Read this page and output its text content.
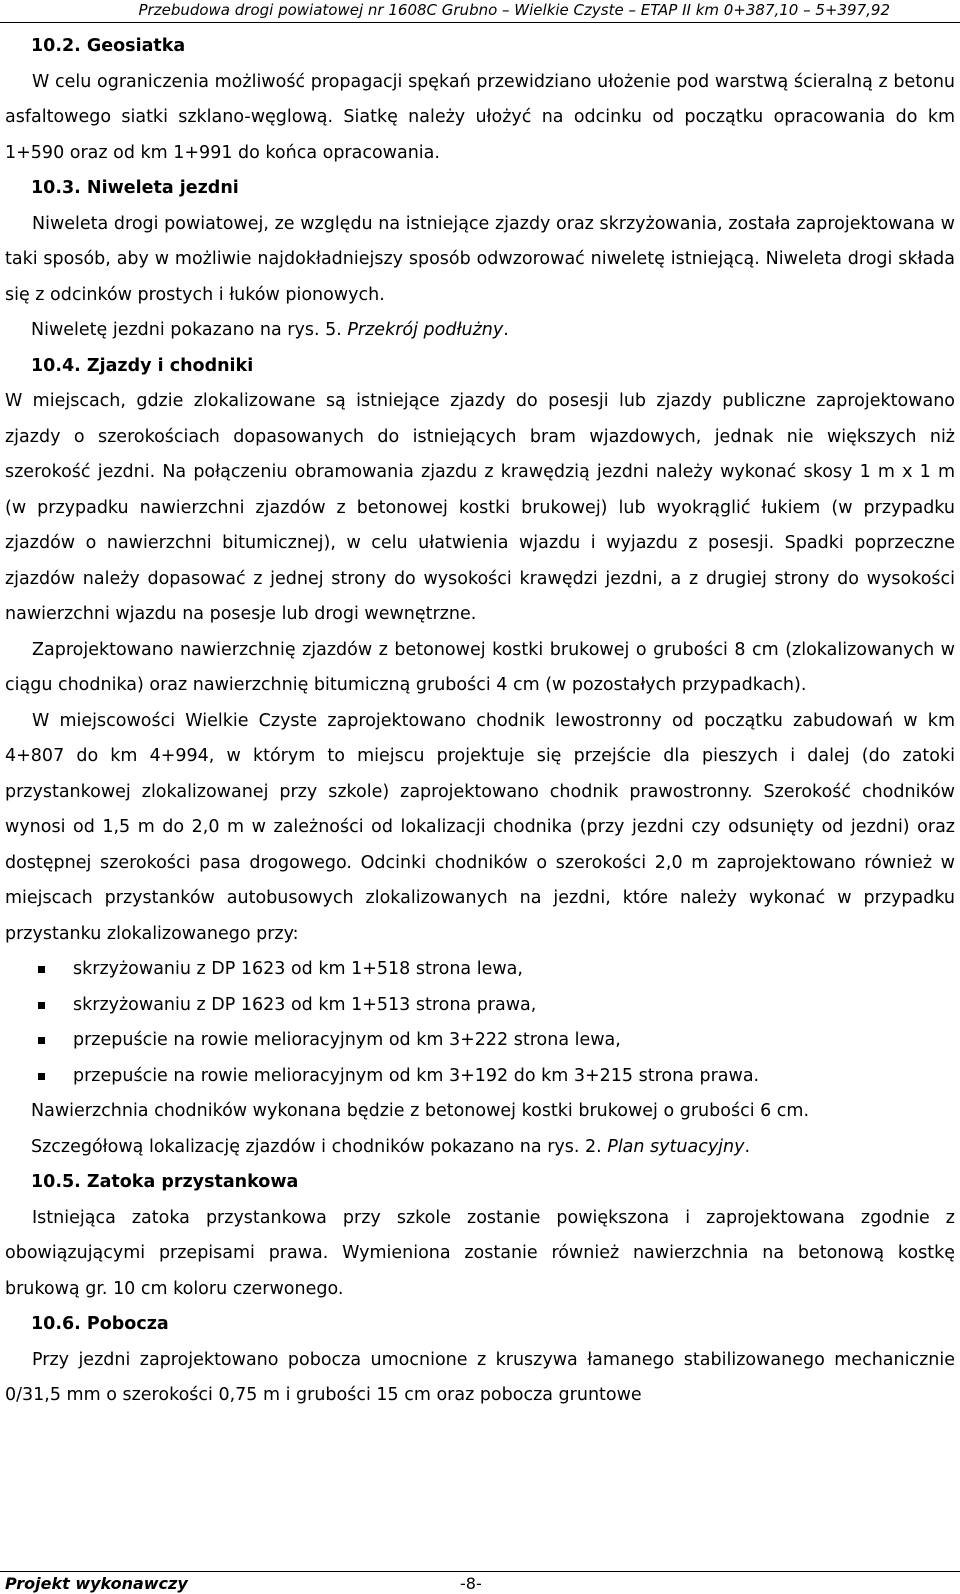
Przebudowa drogi powiatowej nr 1608C Grubno – Wielkie Czyste – ETAP II km 0+387,10 – 5+397,92
10.2. Geosiatka

W celu ograniczenia możliwość propagacji spękań przewidziano ułożenie pod warstwą ścieralną z betonu asfaltowego siatki szklano-węglową. Siatkę należy ułożyć na odcinku od początku opracowania do km 1+590 oraz od km 1+991 do końca opracowania.

10.3. Niweleta jezdni

Niweleta drogi powiatowej, ze względu na istniejące zjazdy oraz skrzyżowania, została zaprojektowana w taki sposób, aby w możliwie najdokładniejszy sposób odwzorować niweletę istniejącą. Niweleta drogi składa się z odcinków prostych i łuków pionowych.

Niweletę jezdni pokazano na rys. 5. Przekrój podłużny.

10.4. Zjazdy i chodniki

W miejscach, gdzie zlokalizowane są istniejące zjazdy do posesji lub zjazdy publiczne zaprojektowano zjazdy o szerokościach dopasowanych do istniejących bram wjazdowych, jednak nie większych niż szerokość jezdni. Na połączeniu obramowania zjazdu z krawędzią jezdni należy wykonać skosy 1 m x 1 m (w przypadku nawierzchni zjazdów z betonowej kostki brukowej) lub wyokrąglić łukiem (w przypadku zjazdów o nawierzchni bitumicznej), w celu ułatwienia wjazdu i wyjazdu z posesji. Spadki poprzeczne zjazdów należy dopasować z jednej strony do wysokości krawędzi jezdni, a z drugiej strony do wysokości nawierzchni wjazdu na posesje lub drogi wewnętrzne.

Zaprojektowano nawierzchnię zjazdów z betonowej kostki brukowej o grubości 8 cm (zlokalizowanych w ciągu chodnika) oraz nawierzchnię bitumiczną grubości 4 cm (w pozostałych przypadkach).

W miejscowości Wielkie Czyste zaprojektowano chodnik lewostronny od początku zabudowań w km 4+807 do km 4+994, w którym to miejscu projektuje się przejście dla pieszych i dalej (do zatoki przystankowej zlokalizowanej przy szkole) zaprojektowano chodnik prawostronny. Szerokość chodników wynosi od 1,5 m do 2,0 m w zależności od lokalizacji chodnika (przy jezdni czy odsunięty od jezdni) oraz dostępnej szerokości pasa drogowego. Odcinki chodników o szerokości 2,0 m zaprojektowano również w miejscach przystanków autobusowych zlokalizowanych na jezdni, które należy wykonać w przypadku przystanku zlokalizowanego przy:

skrzyżowaniu z DP 1623 od km 1+518 strona lewa,
skrzyżowaniu z DP 1623 od km 1+513 strona prawa,
przepuście na rowie melioracyjnym od km 3+222 strona lewa,
przepuście na rowie melioracyjnym od km 3+192 do km 3+215 strona prawa.

Nawierzchnia chodników wykonana będzie z betonowej kostki brukowej o grubości 6 cm.

Szczegółową lokalizację zjazdów i chodników pokazano na rys. 2. Plan sytuacyjny.

10.5. Zatoka przystankowa

Istniejąca zatoka przystankowa przy szkole zostanie powiększona i zaprojektowana zgodnie z obowiązującymi przepisami prawa. Wymieniona zostanie również nawierzchnia na betonową kostkę brukową gr. 10 cm koloru czerwonego.

10.6. Pobocza

Przy jezdni zaprojektowano pobocza umocnione z kruszywa łamanego stabilizowanego mechanicznie 0/31,5 mm o szerokości 0,75 m i grubości 15 cm oraz pobocza gruntowe

Projekt wykonawczy	-8-
